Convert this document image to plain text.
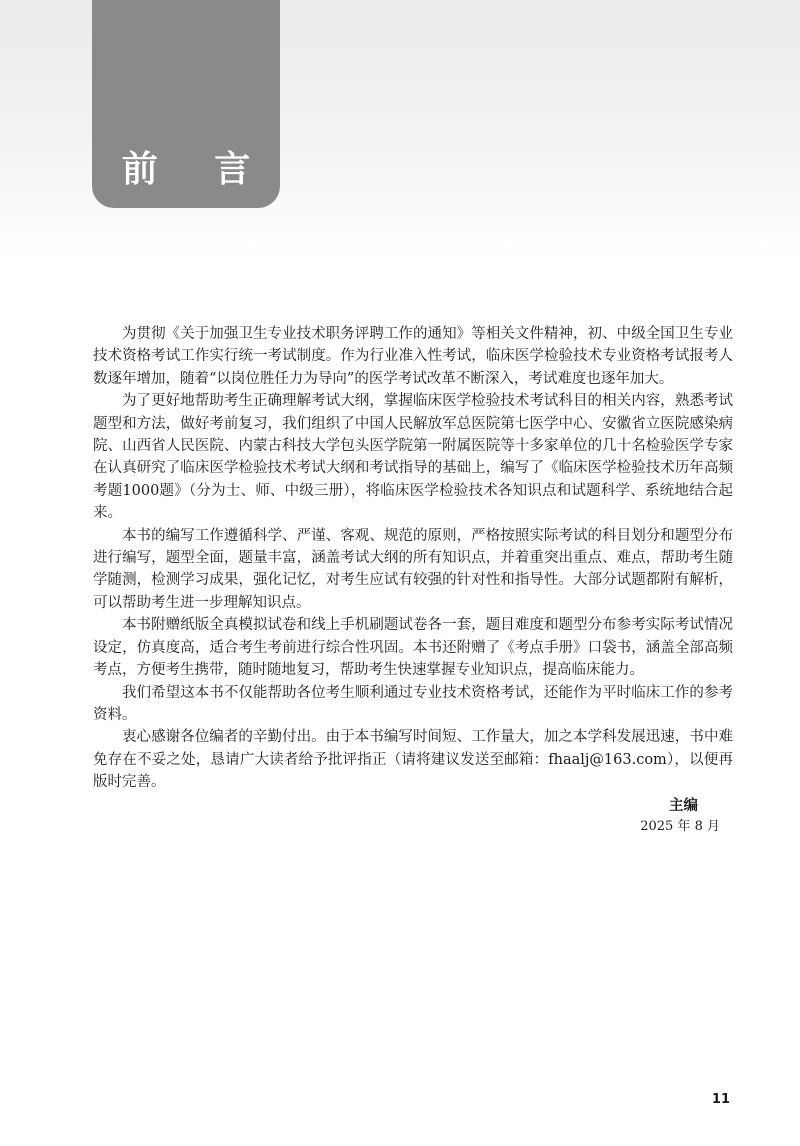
前 言

为贯彻《关于加强卫生专业技术职务评聘工作的通知》等相关文件精神，初、中级全国卫生专业技术资格考试工作实行统一考试制度。作为行业准入性考试，临床医学检验技术专业资格考试报考人数逐年增加，随着“以岗位胜任力为导向”的医学考试改革不断深入，考试难度也逐年加大。

为了更好地帮助考生正确理解考试大纲，掌握临床医学检验技术考试科目的相关内容，熟悉考试题型和方法，做好考前复习，我们组织了中国人民解放军总医院第七医学中心、安徽省立医院感染病院、山西省人民医院、内蒙古科技大学包头医学院第一附属医院等十多家单位的几十名检验医学专家在认真研究了临床医学检验技术考试大纲和考试指导的基础上，编写了《临床医学检验技术历年高频考题1000题》（分为士、师、中级三册），将临床医学检验技术各知识点和试题科学、系统地结合起来。

本书的编写工作遵循科学、严谨、客观、规范的原则，严格按照实际考试的科目划分和题型分布进行编写，题型全面，题量丰富，涵盖考试大纲的所有知识点，并着重突出重点、难点，帮助考生随学随测，检测学习成果，强化记忆，对考生应试有较强的针对性和指导性。大部分试题都附有解析，可以帮助考生进一步理解知识点。

本书附赠纸版全真模拟试卷和线上手机刷题试卷各一套，题目难度和题型分布参考实际考试情况设定，仿真度高，适合考生考前进行综合性巩固。本书还附赠了《考点手册》口袋书，涵盖全部高频考点，方便考生携带，随时随地复习，帮助考生快速掌握专业知识点，提高临床能力。

我们希望这本书不仅能帮助各位考生顺利通过专业技术资格考试，还能作为平时临床工作的参考资料。

衷心感谢各位编者的辛勤付出。由于本书编写时间短、工作量大，加之本学科发展迅速，书中难免存在不妥之处，恳请广大读者给予批评指正（请将建议发送至邮箱：fhaalj@163.com），以便再版时完善。

主编
2025 年 8 月
11
